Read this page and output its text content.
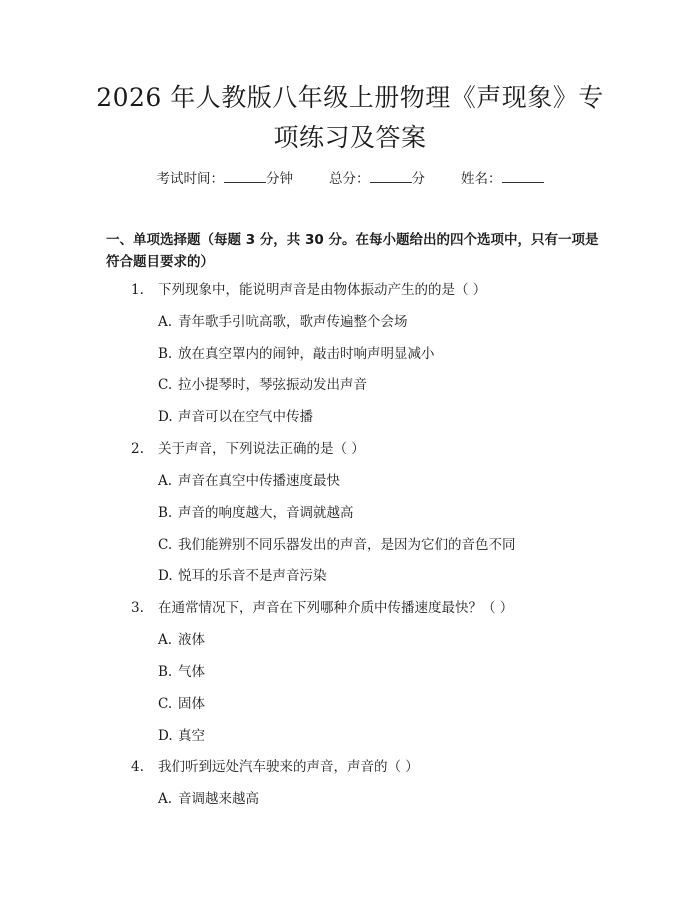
2026 年人教版八年级上册物理《声现象》专
项练习及答案
考试时间：	分钟	总分：	分	姓名：
一、单项选择题（每题 3 分，共 30 分。在每小题给出的四个选项中，只有一项是
符合题目要求的）
1. 下列现象中，能说明声音是由物体振动产生的的是（ ）
A. 青年歌手引吭高歌，歌声传遍整个会场
B. 放在真空罩内的闹钟，敲击时响声明显减小
C. 拉小提琴时，琴弦振动发出声音
D. 声音可以在空气中传播
2. 关于声音，下列说法正确的是（ ）
A. 声音在真空中传播速度最快
B. 声音的响度越大，音调就越高
C. 我们能辨别不同乐器发出的声音，是因为它们的音色不同
D. 悦耳的乐音不是声音污染
3. 在通常情况下，声音在下列哪种介质中传播速度最快？（ ）
A. 液体
B. 气体
C. 固体
D. 真空
4. 我们听到远处汽车驶来的声音，声音的（ ）
A. 音调越来越高
